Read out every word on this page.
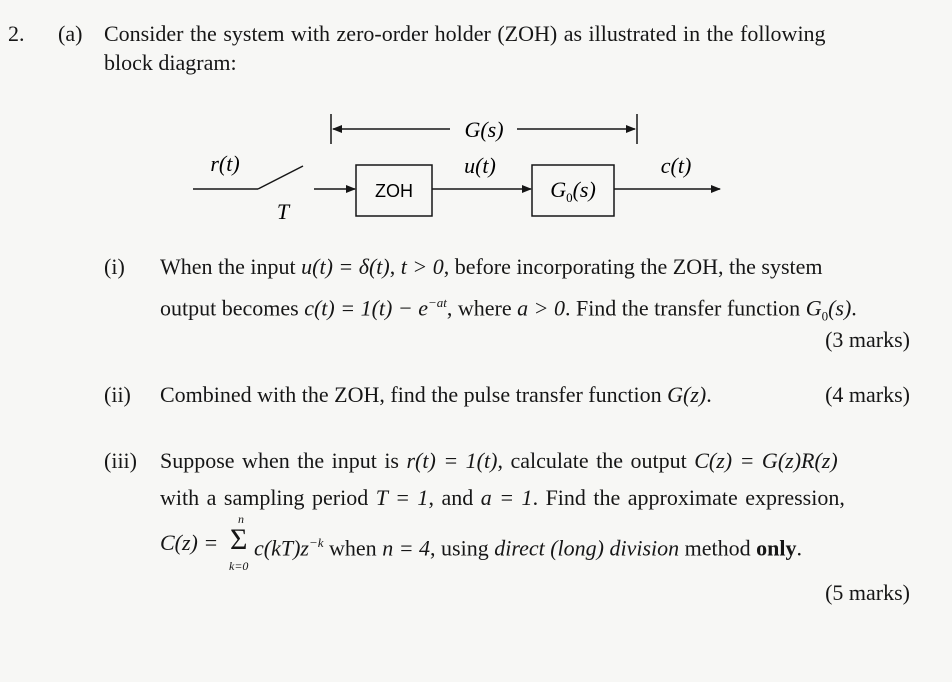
2. (a) Consider the system with zero-order holder (ZOH) as illustrated in the following
block diagram:
G(s)
r(t)
T
ZOH
u(t)
$G_0(s)$
c(t)
(i) When the input u(t) = δ(t), t > 0, before incorporating the ZOH, the system
output becomes $c(t) = 1(t) - e^{-at}$, where a > 0. Find the transfer function $G_0(s)$.
(3 marks)
(ii) Combined with the ZOH, find the pulse transfer function G(z).	(4 marks)
(iii) Suppose when the input is r(t) = 1(t), calculate the output C(z) = G(z)R(z)
with a sampling period T = 1, and a = 1. Find the approximate expression,
C(z) = Σ
n
k=0
$c(kT)z^{-k}$ when n = 4, using direct (long) division method only.
(5 marks)
